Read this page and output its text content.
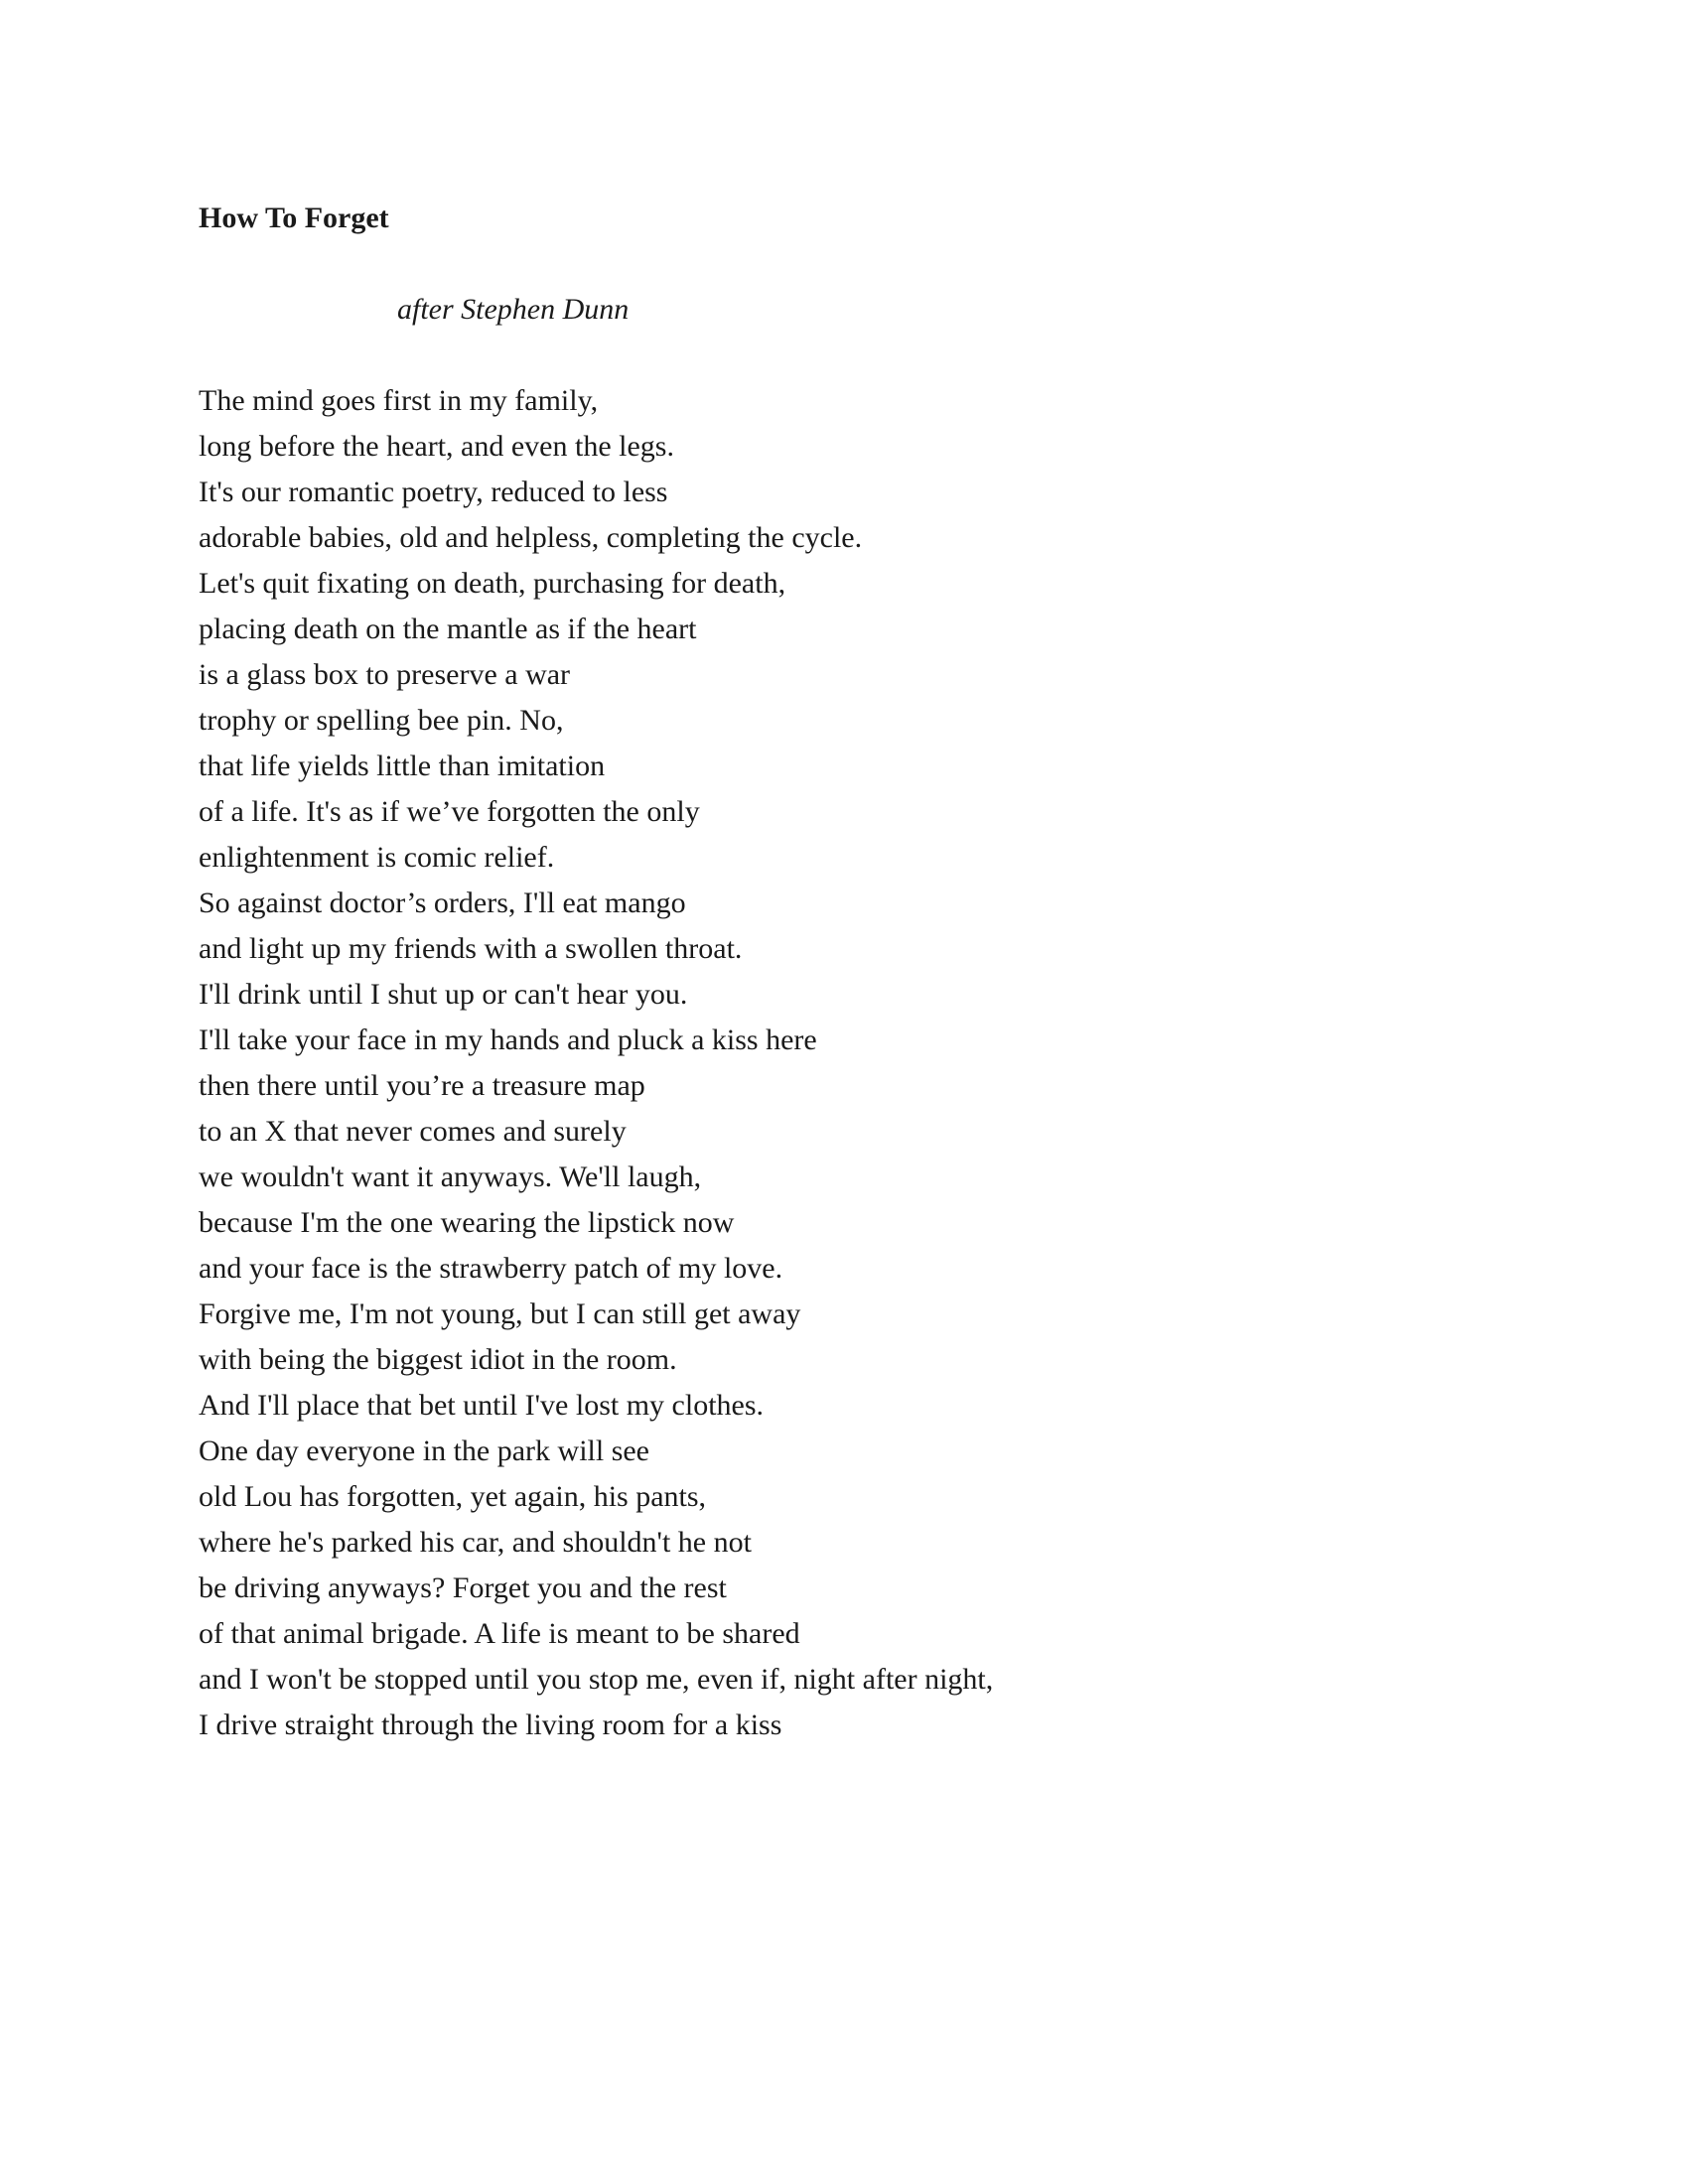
How To Forget
after Stephen Dunn
The mind goes first in my family,
long before the heart, and even the legs.
It's our romantic poetry, reduced to less
adorable babies, old and helpless, completing the cycle.
Let's quit fixating on death, purchasing for death,
placing death on the mantle as if the heart
is a glass box to preserve a war
trophy or spelling bee pin. No,
that life yields little than imitation
of a life. It's as if we’ve forgotten the only
enlightenment is comic relief.
So against doctor’s orders, I'll eat mango
and light up my friends with a swollen throat.
I'll drink until I shut up or can't hear you.
I'll take your face in my hands and pluck a kiss here
then there until you’re a treasure map
to an X that never comes and surely
we wouldn't want it anyways. We'll laugh,
because I'm the one wearing the lipstick now
and your face is the strawberry patch of my love.
Forgive me, I'm not young, but I can still get away
with being the biggest idiot in the room.
And I'll place that bet until I've lost my clothes.
One day everyone in the park will see
old Lou has forgotten, yet again, his pants,
where he's parked his car, and shouldn't he not
be driving anyways? Forget you and the rest
of that animal brigade. A life is meant to be shared
and I won't be stopped until you stop me, even if, night after night,
I drive straight through the living room for a kiss
